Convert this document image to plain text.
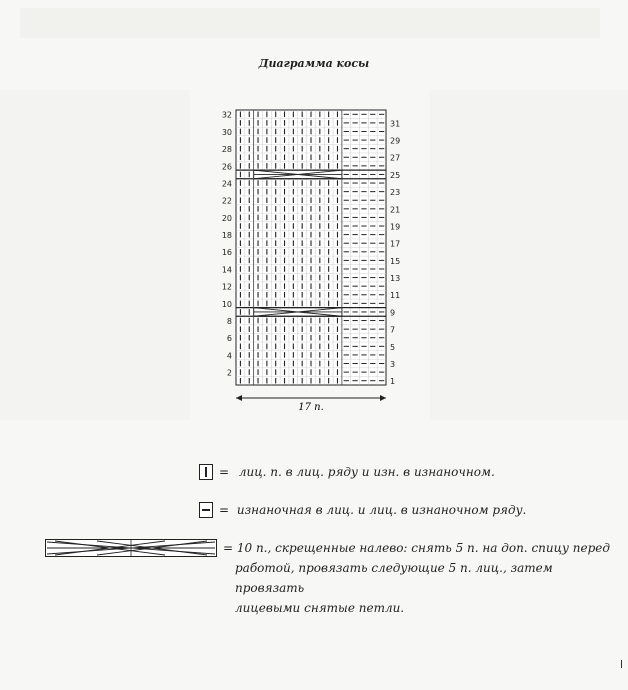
Диаграмма косы
32
30
28
26
24
22
20
18
16
14
12
10
8
6
4
2
31
29
27
25
23
21
19
17
15
13
11
9
7
5
3
1
17 п.
= лиц. п. в лиц. ряду и изн. в изнаночном.
= изнаночная в лиц. и лиц. в изнаночном ряду.
= 10 п., скрещенные налево: снять 5 п. на доп. спицу перед
работой, провязать следующие 5 п. лиц., затем провязать
лицевыми снятые петли.
